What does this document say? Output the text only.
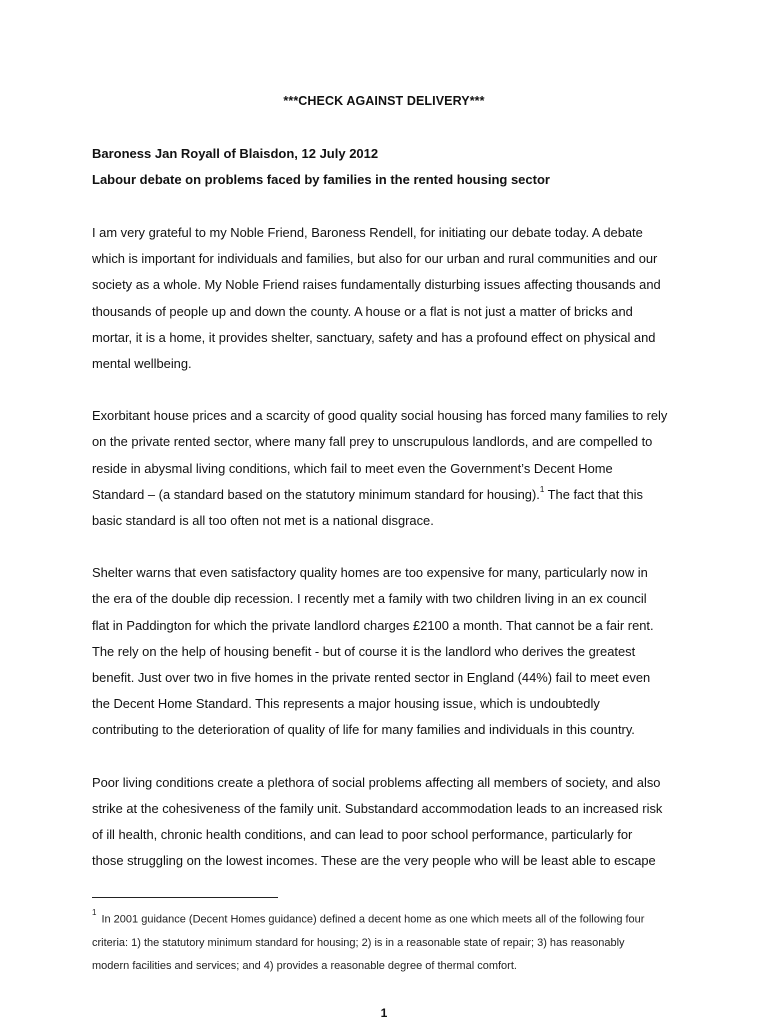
***CHECK AGAINST DELIVERY***
Baroness Jan Royall of Blaisdon, 12 July 2012
Labour debate on problems faced by families in the rented housing sector

I am very grateful to my Noble Friend, Baroness Rendell, for initiating our debate today. A debate
which is important for individuals and families, but also for our urban and rural communities and our
society as a whole. My Noble Friend raises fundamentally disturbing issues affecting thousands and
thousands of people up and down the county. A house or a flat is not just a matter of bricks and
mortar, it is a home, it provides shelter, sanctuary, safety and has a profound effect on physical and
mental wellbeing.

Exorbitant house prices and a scarcity of good quality social housing has forced many families to rely
on the private rented sector, where many fall prey to unscrupulous landlords, and are compelled to
reside in abysmal living conditions, which fail to meet even the Government’s Decent Home
Standard – (a standard based on the statutory minimum standard for housing).$^1$ The fact that this
basic standard is all too often not met is a national disgrace.

Shelter warns that even satisfactory quality homes are too expensive for many, particularly now in
the era of the double dip recession. I recently met a family with two children living in an ex council
flat in Paddington for which the private landlord charges £2100 a month. That cannot be a fair rent.
The rely on the help of housing benefit - but of course it is the landlord who derives the greatest
benefit. Just over two in five homes in the private rented sector in England (44%) fail to meet even
the Decent Home Standard. This represents a major housing issue, which is undoubtedly
contributing to the deterioration of quality of life for many families and individuals in this country.

Poor living conditions create a plethora of social problems affecting all members of society, and also
strike at the cohesiveness of the family unit. Substandard accommodation leads to an increased risk
of ill health, chronic health conditions, and can lead to poor school performance, particularly for
those struggling on the lowest incomes. These are the very people who will be least able to escape

$^1$In 2001 guidance (Decent Homes guidance) defined a decent home as one which meets all of the following four
criteria: 1) the statutory minimum standard for housing; 2) is in a reasonable state of repair; 3) has reasonably
modern facilities and services; and 4) provides a reasonable degree of thermal comfort.
1
